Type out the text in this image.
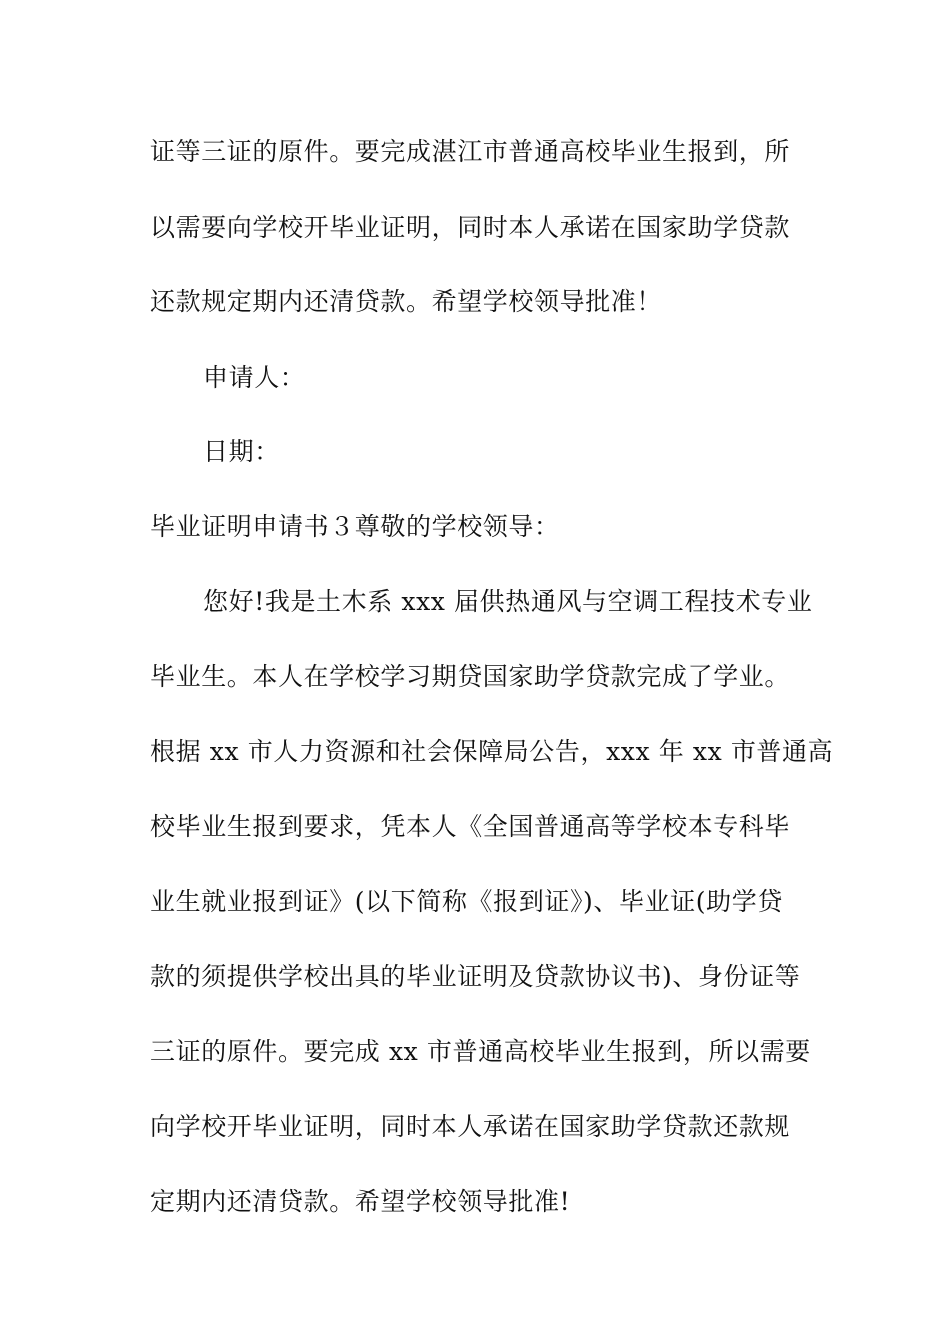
证等三证的原件。要完成湛江市普通高校毕业生报到，所
以需要向学校开毕业证明，同时本人承诺在国家助学贷款
还款规定期内还清贷款。希望学校领导批准！
申请人：
日期：
毕业证明申请书３尊敬的学校领导：
您好!我是土木系 xxx 届供热通风与空调工程技术专业
毕业生。本人在学校学习期贷国家助学贷款完成了学业。
根据 xx 市人力资源和社会保障局公告，xxx 年 xx 市普通高
校毕业生报到要求，凭本人《全国普通高等学校本专科毕
业生就业报到证》(以下简称《报到证》)、毕业证(助学贷
款的须提供学校出具的毕业证明及贷款协议书)、身份证等
三证的原件。要完成 xx 市普通高校毕业生报到，所以需要
向学校开毕业证明，同时本人承诺在国家助学贷款还款规
定期内还清贷款。希望学校领导批准!
